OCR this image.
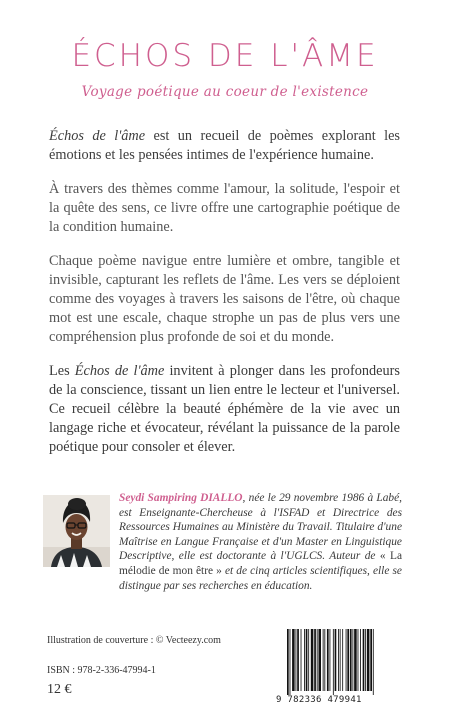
ÉCHOS DE L'ÂME
Voyage poétique au coeur de l'existence

Échos de l'âme est un recueil de poèmes explorant les émotions et les pensées intimes de l'expérience humaine.

À travers des thèmes comme l'amour, la solitude, l'espoir et la quête des sens, ce livre offre une cartographie poétique de la condition humaine.

Chaque poème navigue entre lumière et ombre, tangible et invisible, capturant les reflets de l'âme. Les vers se déploient comme des voyages à travers les saisons de l'être, où chaque mot est une escale, chaque strophe un pas de plus vers une compréhension plus profonde de soi et du monde.

Les Échos de l'âme invitent à plonger dans les profondeurs de la conscience, tissant un lien entre le lecteur et l'universel. Ce recueil célèbre la beauté éphémère de la vie avec un langage riche et évocateur, révélant la puissance de la parole poétique pour consoler et élever.

Seydi Sampiring DIALLO, née le 29 novembre 1986 à Labé, est Enseignante-Chercheuse à l'ISFAD et Directrice des Ressources Humaines au Ministère du Travail. Titulaire d'une Maîtrise en Langue Française et d'un Master en Linguistique Descriptive, elle est doctorante à l'UGLCS. Auteur de « La mélodie de mon être » et de cinq articles scientifiques, elle se distingue par ses recherches en éducation.
Illustration de couverture : © Vecteezy.com
ISBN : 978-2-336-47994-1
12 €
9 782336 479941
